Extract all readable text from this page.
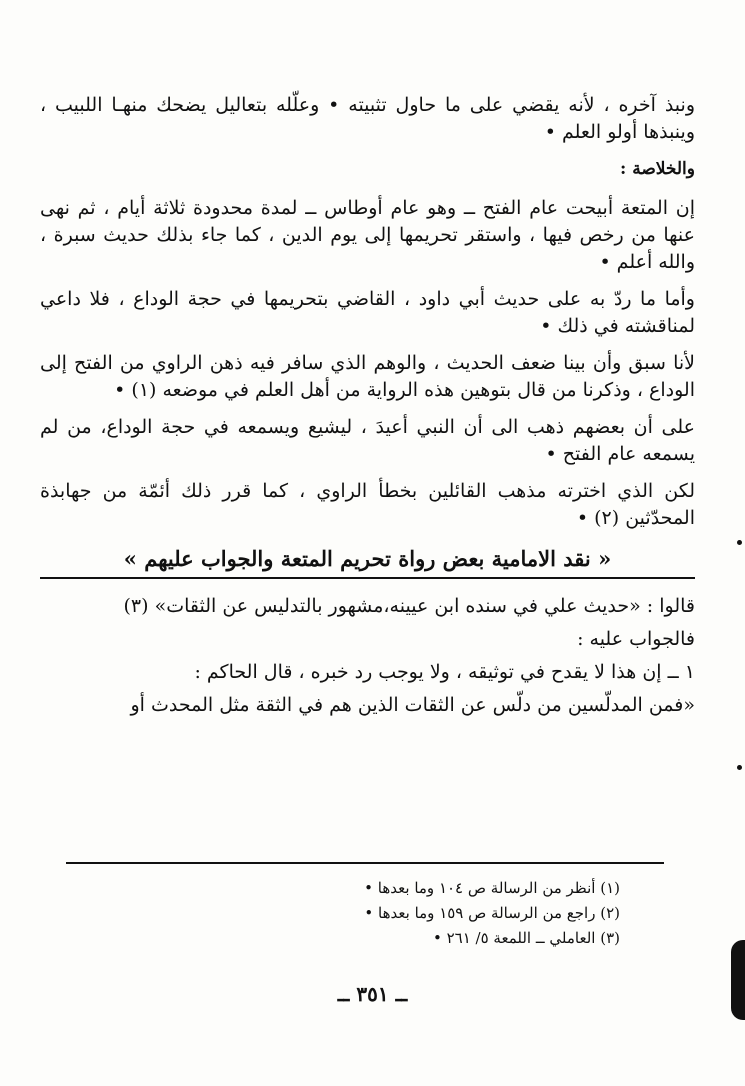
ونبذ آخره ، لأنه يقضي على ما حاول تثبيته • وعلّله بتعاليل يضحك منهـا اللبيب ، وينبذها أولو العلم •

والخلاصة :

إن المتعة أبيحت عام الفتح ــ وهو عام أوطاس ــ لمدة محدودة ثلاثة أيام ، ثم نهى عنها من رخص فيها ، واستقر تحريمها إلى يوم الدين ، كما جاء بذلك حديث سبرة ، والله أعلم •

وأما ما ردّ به على حديث أبي داود ، القاضي بتحريمها في حجة الوداع ، فلا داعي لمناقشته في ذلك •

لأنا سبق وأن بينا ضعف الحديث ، والوهم الذي سافر فيه ذهن الراوي من الفتح إلى الوداع ، وذكرنا من قال بتوهين هذه الرواية من أهل العلم في موضعه (١) •

على أن بعضهم ذهب الى أن النبي أعيدَ ، ليشيع ويسمعه في حجة الوداع، من لم يسمعه عام الفتح •

لكن الذي اخترته مذهب القائلين بخطأ الراوي ، كما قرر ذلك أئمّة من جهابذة المحدّثين (٢) •

« نقد الامامية بعض رواة تحريم المتعة والجواب عليهم »

قالوا : «حديث علي في سنده ابن عيينه،مشهور بالتدليس عن الثقات» (٣)

فالجواب عليه :

١ ــ إن هذا لا يقدح في توثيقه ، ولا يوجب رد خبره ، قال الحاكم :

«فمن المدلّسين من دلّس عن الثقات الذين هم في الثقة مثل المحدث أو

(١) أنظر من الرسالة ص ١٠٤ وما بعدها •

(٢) راجع من الرسالة ص ١٥٩ وما بعدها •

(٣) العاملي ــ اللمعة ٥/ ٢٦١ •

ــ ٣٥١ ــ
